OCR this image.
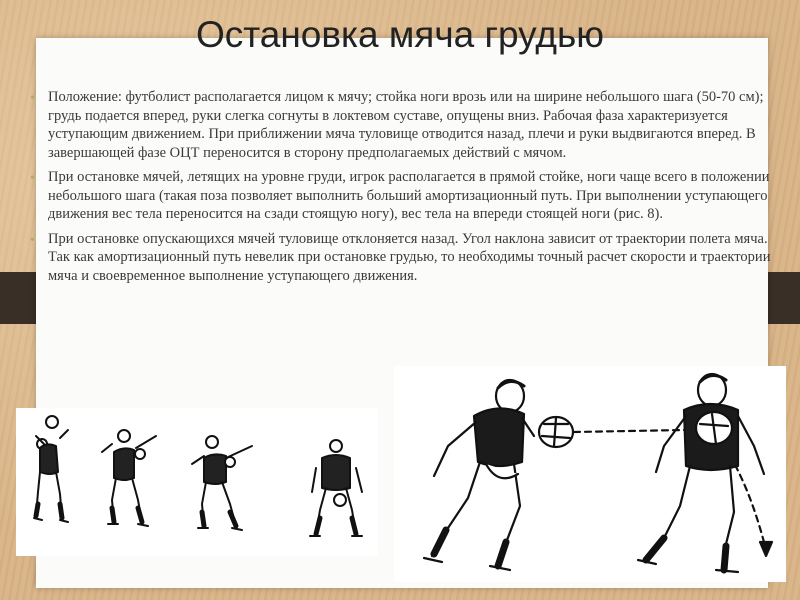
Остановка мяча грудью
• Положение: футболист располагается лицом к мячу; стойка ноги врозь или на ширине небольшого шага (50-70 см); грудь подается вперед, руки слегка согнуты в локтевом суставе, опущены вниз. Рабочая фаза характеризуется уступающим движением. При приближении мяча туловище отводится назад, плечи и руки выдвигаются вперед. В завершающей фазе ОЦТ переносится в сторону предполагаемых действий с мячом.
• При остановке мячей, летящих на уровне груди, игрок располагается в прямой стойке, ноги чаще всего в положении небольшого шага (такая поза позволяет выполнить больший амортизационный путь. При выполнении уступающего движения вес тела переносится на сзади стоящую ногу), вес тела на впереди стоящей ноги (рис. 8).
• При остановке опускающихся мячей туловище отклоняется назад. Угол наклона зависит от траектории полета мяча. Так как амортизационный путь невелик при остановке грудью, то необходимы точный расчет скорости и траектории мяча и своевременное выполнение уступающего движения.
